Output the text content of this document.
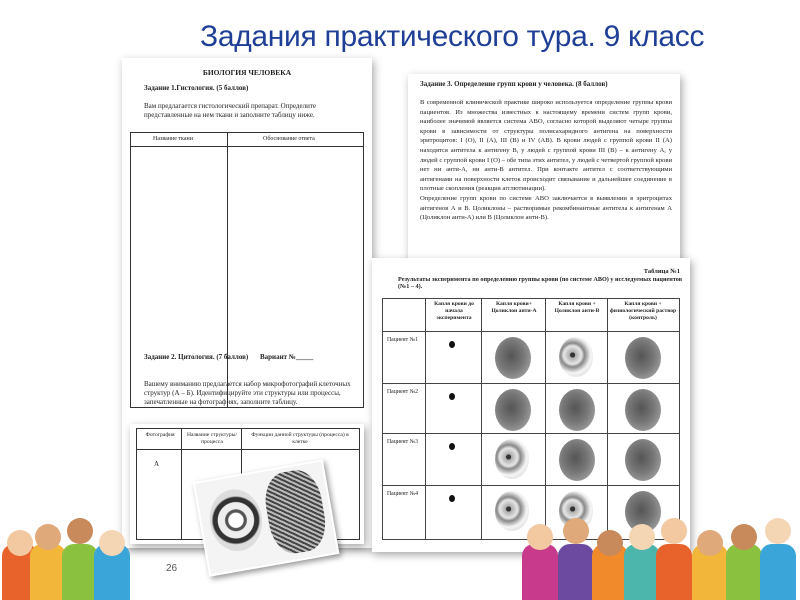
Задания практического тура. 9 класс
БИОЛОГИЯ ЧЕЛОВЕКА
Задание 1.Гистология. (5 баллов)
Вам предлагается гистологический препарат. Определите представленные на нем ткани и заполните таблицу ниже.
Название ткани	Обоснование ответа
Задание 2. Цитология. (7 баллов) Вариант №_____
Вашему вниманию предлагается набор микрофотографий клеточных структур (А – Б). Идентифицируйте эти структуры или процессы, запечатленные на фотографиях, заполните таблицу.
Задание 3. Определение групп крови у человека. (8 баллов)
В современной клинической практике широко используется определение группы крови пациентов. Из множества известных к настоящему времени систем групп крови, наиболее значимой является система АВО, согласно которой выделяют четыре группы крови в зависимости от структуры полисахаридного антигена на поверхности эритроцитов: I (О), II (А), III (В) и IV (АВ). В крови людей с группой крови II (А) находятся антитела к антигену В, у людей с группой крови III (В) – к антигену А, у людей с группой крови I (О) – обе типа этих антител, у людей с четвертой группой крови нет ни анти-А, ни анти-В антител. При контакте антител с соответствующими антигенами на поверхности клеток происходит связывание и дальнейшее соединение в плотные скопления (реакция агглютинации).
Определение групп крови по системе АВО заключается в выявлении в эритроцитах антигенов А и В. Цоликлоны – растворимые рекомбинантные антитела к антигенам А (Цоликлон анти-А) или В (Цоликлон анти-В).
Фотография	Название структуры/процесса
Функции данной структуры (процесса) в клетке
А
Таблица №1
Результаты эксперимента по определению группы крови (по системе АВО) у исследуемых пациентов (№1 – 4).
Капля крови до начала эксперимента
Капля крови+ Цоликлон анти-А
Капля крови + Цоликлон анти-В
Капля крови + физиологический раствор (контроль)
Пациент №1
Пациент №2
Пациент №3
Пациент №4
26
